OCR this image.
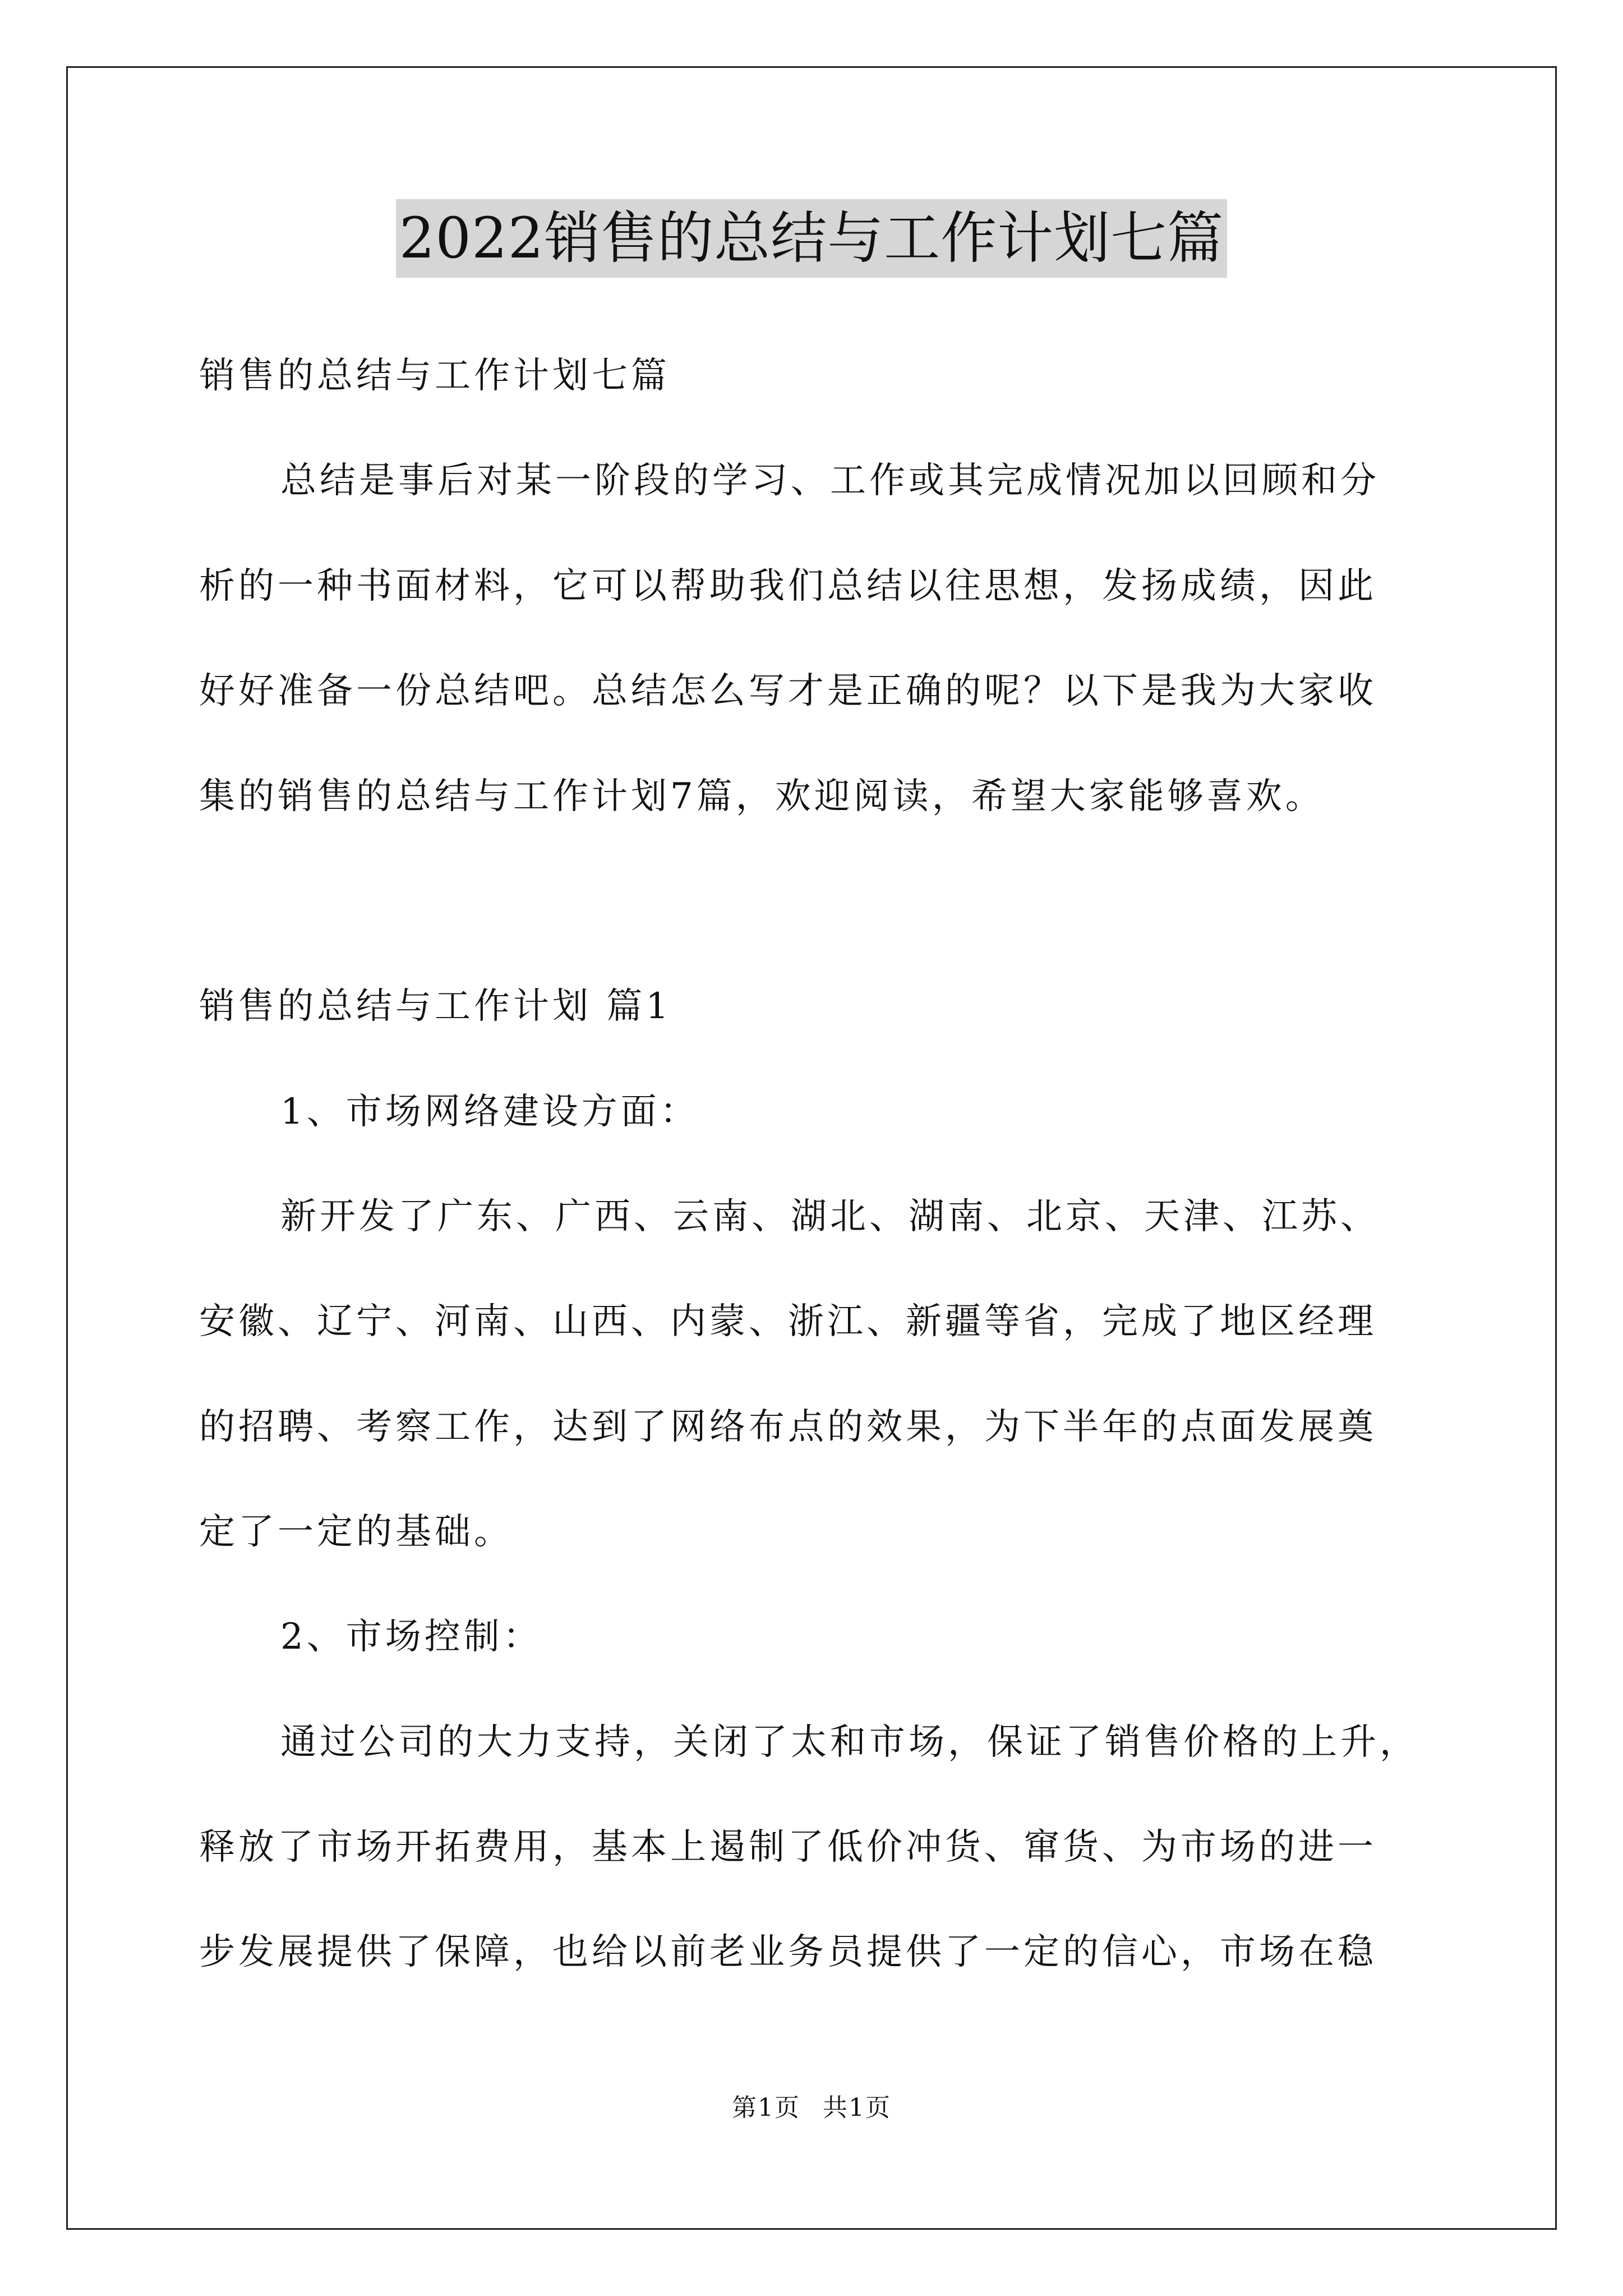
2022销售的总结与工作计划七篇
销售的总结与工作计划七篇
总结是事后对某一阶段的学习、工作或其完成情况加以回顾和分
析的一种书面材料，它可以帮助我们总结以往思想，发扬成绩，因此
好好准备一份总结吧。总结怎么写才是正确的呢？以下是我为大家收
集的销售的总结与工作计划7篇，欢迎阅读，希望大家能够喜欢。
销售的总结与工作计划 篇1
1、市场网络建设方面：
新开发了广东、广西、云南、湖北、湖南、北京、天津、江苏、
安徽、辽宁、河南、山西、内蒙、浙江、新疆等省，完成了地区经理
的招聘、考察工作，达到了网络布点的效果，为下半年的点面发展奠
定了一定的基础。
2、市场控制：
通过公司的大力支持，关闭了太和市场，保证了销售价格的上升，
释放了市场开拓费用，基本上遏制了低价冲货、窜货、为市场的进一
步发展提供了保障，也给以前老业务员提供了一定的信心，市场在稳
第1页 共1页
